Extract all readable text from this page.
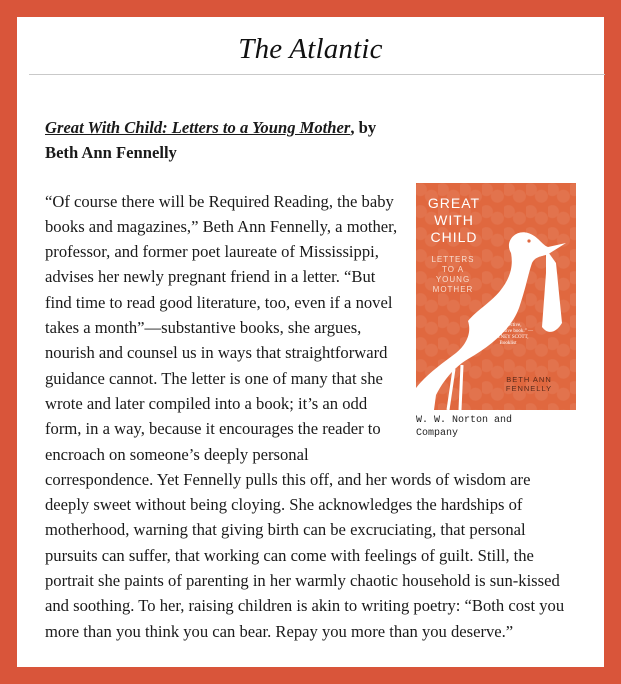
The Atlantic

Great With Child: Letters to a Young Mother, by
Beth Ann Fennelly

GREAT
WITH
CHILD
LETTERS TO A YOUNG MOTHER
“A reflective, transformative book.” —WHITNEY SCOTT, Booklist
BETH ANN
FENNELLY
W. W. Norton and Company

“Of course there will be Required Reading, the baby books and magazines,” Beth Ann Fennelly, a mother, professor, and former poet laureate of Mississippi, advises her newly pregnant friend in a letter. “But find time to read good literature, too, even if a novel takes a month”—substantive books, she argues, nourish and counsel us in ways that straightforward guidance cannot. The letter is one of many that she wrote and later compiled into a book; it’s an odd form, in a way, because it encourages the reader to encroach on someone’s deeply personal correspondence. Yet Fennelly pulls this off, and her words of wisdom are deeply sweet without being cloying. She acknowledges the hardships of motherhood, warning that giving birth can be excruciating, that personal pursuits can suffer, that working can come with feelings of guilt. Still, the portrait she paints of parenting in her warmly chaotic household is sun-kissed and soothing. To her, raising children is akin to writing poetry: “Both cost you more than you think you can bear. Repay you more than you deserve.”
